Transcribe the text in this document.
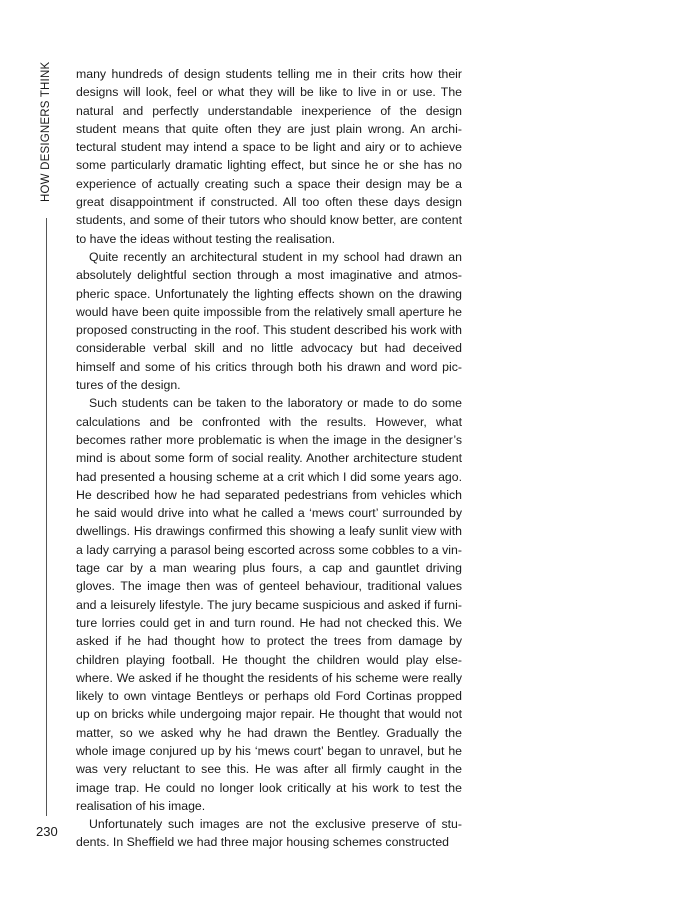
HOW DESIGNERS THINK many hundreds of design students telling me in their crits how their designs will look, feel or what they will be like to live in or use. The natural and perfectly understandable inexperience of the design student means that quite often they are just plain wrong. An architectural student may intend a space to be light and airy or to achieve some particularly dramatic lighting effect, but since he or she has no experience of actually creating such a space their design may be a great disappointment if constructed. All too often these days design students, and some of their tutors who should know better, are content to have the ideas without testing the realisation.

Quite recently an architectural student in my school had drawn an absolutely delightful section through a most imaginative and atmospheric space. Unfortunately the lighting effects shown on the drawing would have been quite impossible from the relatively small aperture he proposed constructing in the roof. This student described his work with considerable verbal skill and no little advocacy but had deceived himself and some of his critics through both his drawn and word pictures of the design.

Such students can be taken to the laboratory or made to do some calculations and be confronted with the results. However, what becomes rather more problematic is when the image in the designer’s mind is about some form of social reality. Another architecture student had presented a housing scheme at a crit which I did some years ago. He described how he had separated pedestrians from vehicles which he said would drive into what he called a ‘mews court’ surrounded by dwellings. His drawings confirmed this showing a leafy sunlit view with a lady carrying a parasol being escorted across some cobbles to a vintage car by a man wearing plus fours, a cap and gauntlet driving gloves. The image then was of genteel behaviour, traditional values and a leisurely lifestyle. The jury became suspicious and asked if furniture lorries could get in and turn round. He had not checked this. We asked if he had thought how to protect the trees from damage by children playing football. He thought the children would play elsewhere. We asked if he thought the residents of his scheme were really likely to own vintage Bentleys or perhaps old Ford Cortinas propped up on bricks while undergoing major repair. He thought that would not matter, so we asked why he had drawn the Bentley. Gradually the whole image conjured up by his ‘mews court’ began to unravel, but he was very reluctant to see this. He was after all firmly caught in the image trap. He could no longer look critically at his work to test the realisation of his image.

Unfortunately such images are not the exclusive preserve of students. In Sheffield we had three major housing schemes constructed

230
